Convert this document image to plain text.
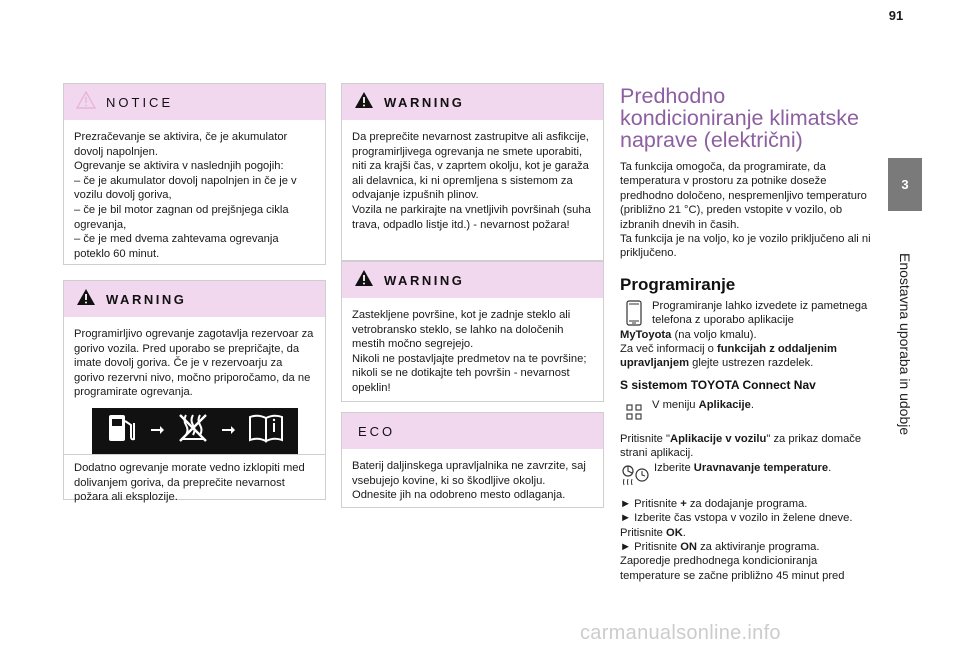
91
3
Enostavna uporaba in udobje
NOTICE

Prezračevanje se aktivira, če je akumulator dovolj napolnjen.
Ogrevanje se aktivira v naslednjih pogojih:
– če je akumulator dovolj napolnjen in če je v vozilu dovolj goriva,
– če je bil motor zagnan od prejšnjega cikla ogrevanja,
– če je med dvema zahtevama ogrevanja poteklo 60 minut.

WARNING

Programirljivo ogrevanje zagotavlja rezervoar za gorivo vozila. Pred uporabo se prepričajte, da imate dovolj goriva. Če je v rezervoarju za gorivo rezervni nivo, močno priporočamo, da ne programirate ogrevanja.

Dodatno ogrevanje morate vedno izklopiti med dolivanjem goriva, da preprečite nevarnost požara ali eksplozije.

WARNING

Da preprečite nevarnost zastrupitve ali asfikcije, programirljivega ogrevanja ne smete uporabiti, niti za krajši čas, v zaprtem okolju, kot je garaža ali delavnica, ki ni opremljena s sistemom za odvajanje izpušnih plinov.
Vozila ne parkirajte na vnetljivih površinah (suha trava, odpadlo listje itd.) - nevarnost požara!

WARNING

Zastekljene površine, kot je zadnje steklo ali vetrobransko steklo, se lahko na določenih mestih močno segrejejo.
Nikoli ne postavljajte predmetov na te površine; nikoli se ne dotikajte teh površin - nevarnost opeklin!

ECO

Baterij daljinskega upravljalnika ne zavrzite, saj vsebujejo kovine, ki so škodljive okolju. Odnesite jih na odobreno mesto odlaganja.

Predhodno
kondicioniranje klimatske
naprave (električni)

Ta funkcija omogoča, da programirate, da temperatura v prostoru za potnike doseže predhodno določeno, nespremenljivo temperaturo (približno 21 °C), preden vstopite v vozilo, ob izbranih dnevih in časih.
Ta funkcija je na voljo, ko je vozilo priključeno ali ni priključeno.

Programiranje

Programiranje lahko izvedete iz pametnega telefona z uporabo aplikacije

MyToyota (na voljo kmalu).

Za več informacij o funkcijah z oddaljenim upravljanjem glejte ustrezen razdelek.

S sistemom TOYOTA Connect Nav

V meniju Aplikacije.

Pritisnite "Aplikacije v vozilu" za prikaz domače strani aplikacij.

Izberite Uravnavanje temperature.

► Pritisnite + za dodajanje programa.

► Izberite čas vstopa v vozilo in želene dneve.

Pritisnite OK.

► Pritisnite ON za aktiviranje programa.

Zaporedje predhodnega kondicioniranja temperature se začne približno 45 minut pred

carmanualsonline.info
